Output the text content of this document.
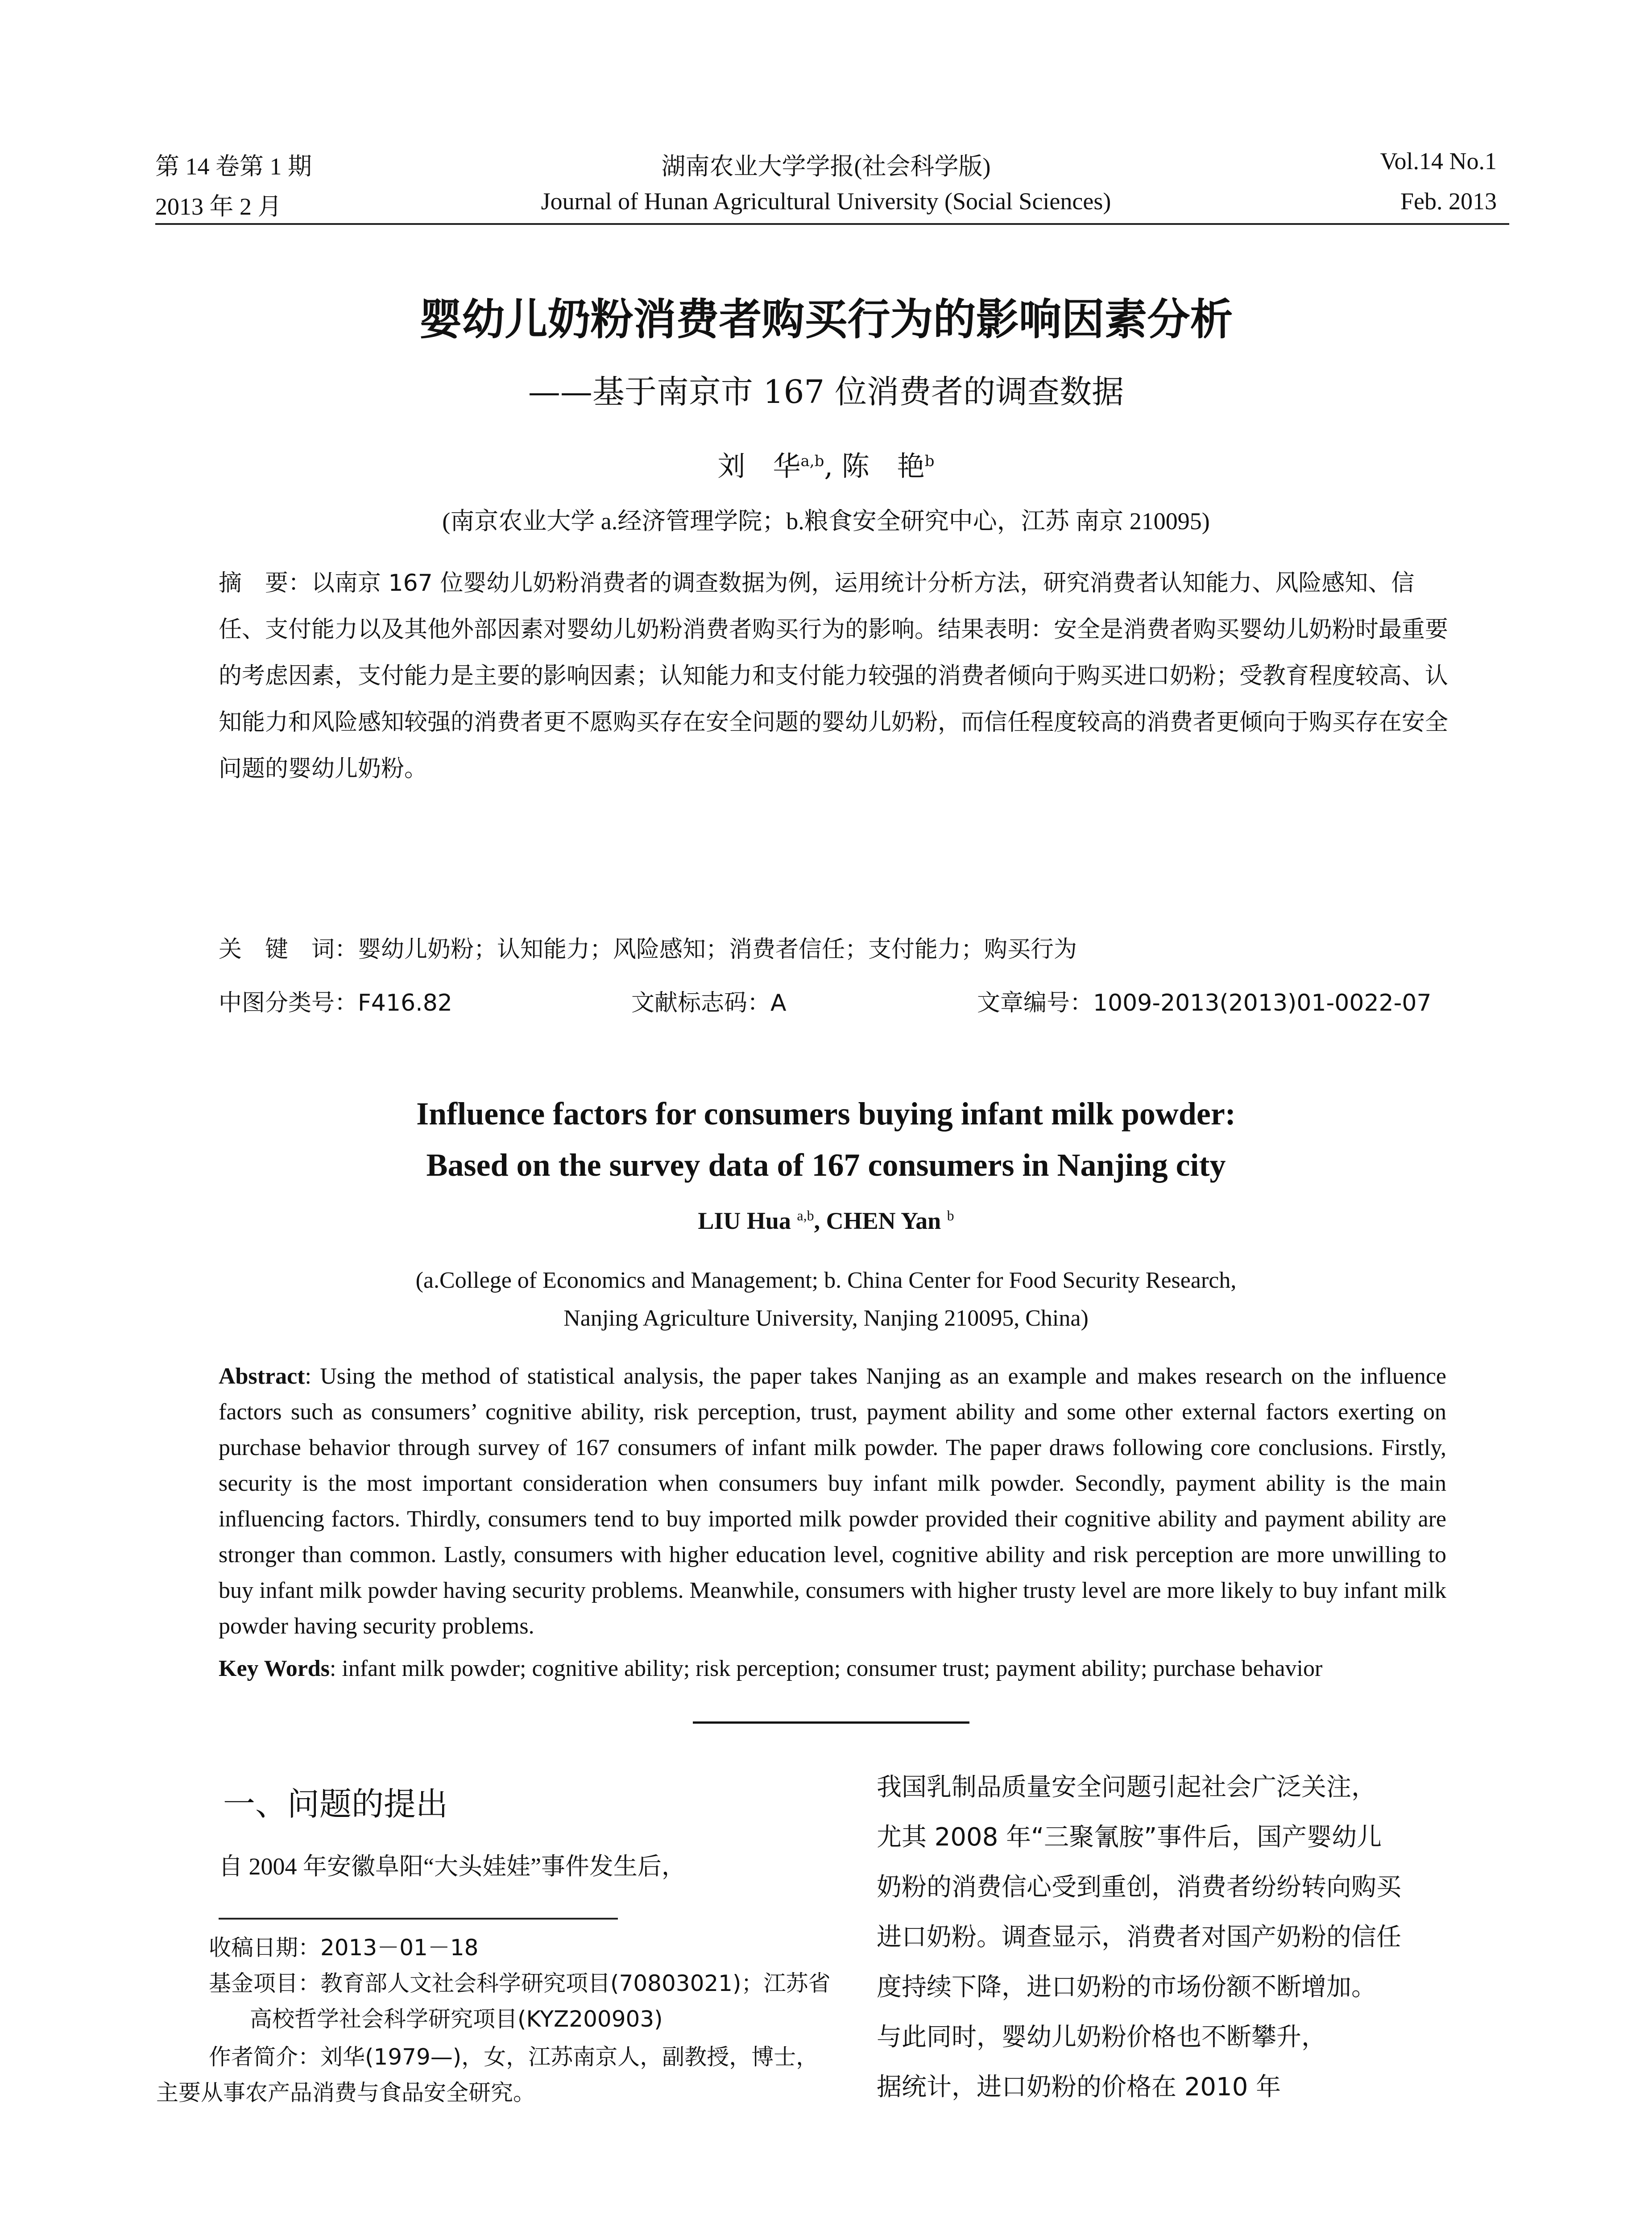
第 14 卷第 1 期	湖南农业大学学报(社会科学版)	Vol.14 No.1
2013 年 2 月	Journal of Hunan Agricultural University (Social Sciences)	Feb. 2013
婴幼儿奶粉消费者购买行为的影响因素分析
——基于南京市 167 位消费者的调查数据
刘　华$^{a,b}$, 陈　艳$^b$
(南京农业大学 a.经济管理学院；b.粮食安全研究中心，江苏 南京 210095)
摘　要：以南京 167 位婴幼儿奶粉消费者的调查数据为例，运用统计分析方法，研究消费者认知能力、风险感知、信任、支付能力以及其他外部因素对婴幼儿奶粉消费者购买行为的影响。结果表明：安全是消费者购买婴幼儿奶粉时最重要的考虑因素，支付能力是主要的影响因素；认知能力和支付能力较强的消费者倾向于购买进口奶粉；受教育程度较高、认知能力和风险感知较强的消费者更不愿购买存在安全问题的婴幼儿奶粉，而信任程度较高的消费者更倾向于购买存在安全问题的婴幼儿奶粉。
关　键　词：婴幼儿奶粉；认知能力；风险感知；消费者信任；支付能力；购买行为
中图分类号：F416.82	文献标志码：A	文章编号：1009-2013(2013)01-0022-07
Influence factors for consumers buying infant milk powder:
Based on the survey data of 167 consumers in Nanjing city
LIU Hua $^{a,b}$, CHEN Yan $^b$
(a.College of Economics and Management; b. China Center for Food Security Research,
Nanjing Agriculture University, Nanjing 210095, China)
Abstract: Using the method of statistical analysis, the paper takes Nanjing as an example and makes research on the influence factors such as consumers’ cognitive ability, risk perception, trust, payment ability and some other external factors exerting on purchase behavior through survey of 167 consumers of infant milk powder. The paper draws following core conclusions. Firstly, security is the most important consideration when consumers buy infant milk powder. Secondly, payment ability is the main influencing factors. Thirdly, consumers tend to buy imported milk powder provided their cognitive ability and payment ability are stronger than common. Lastly, consumers with higher education level, cognitive ability and risk perception are more unwilling to buy infant milk powder having security problems. Meanwhile, consumers with higher trusty level are more likely to buy infant milk powder having security problems.
Key Words: infant milk powder; cognitive ability; risk perception; consumer trust; payment ability; purchase behavior
一、问题的提出
自 2004 年安徽阜阳“大头娃娃”事件发生后，
收稿日期：2013－01－18
基金项目：教育部人文社会科学研究项目(70803021)；江苏省
高校哲学社会科学研究项目(KYZ200903)
作者简介：刘华(1979—)，女，江苏南京人，副教授，博士，
主要从事农产品消费与食品安全研究。
我国乳制品质量安全问题引起社会广泛关注，
尤其 2008 年“三聚氰胺”事件后，国产婴幼儿
奶粉的消费信心受到重创，消费者纷纷转向购买
进口奶粉。调查显示，消费者对国产奶粉的信任
度持续下降，进口奶粉的市场份额不断增加。
与此同时，婴幼儿奶粉价格也不断攀升，
据统计，进口奶粉的价格在 2010 年
